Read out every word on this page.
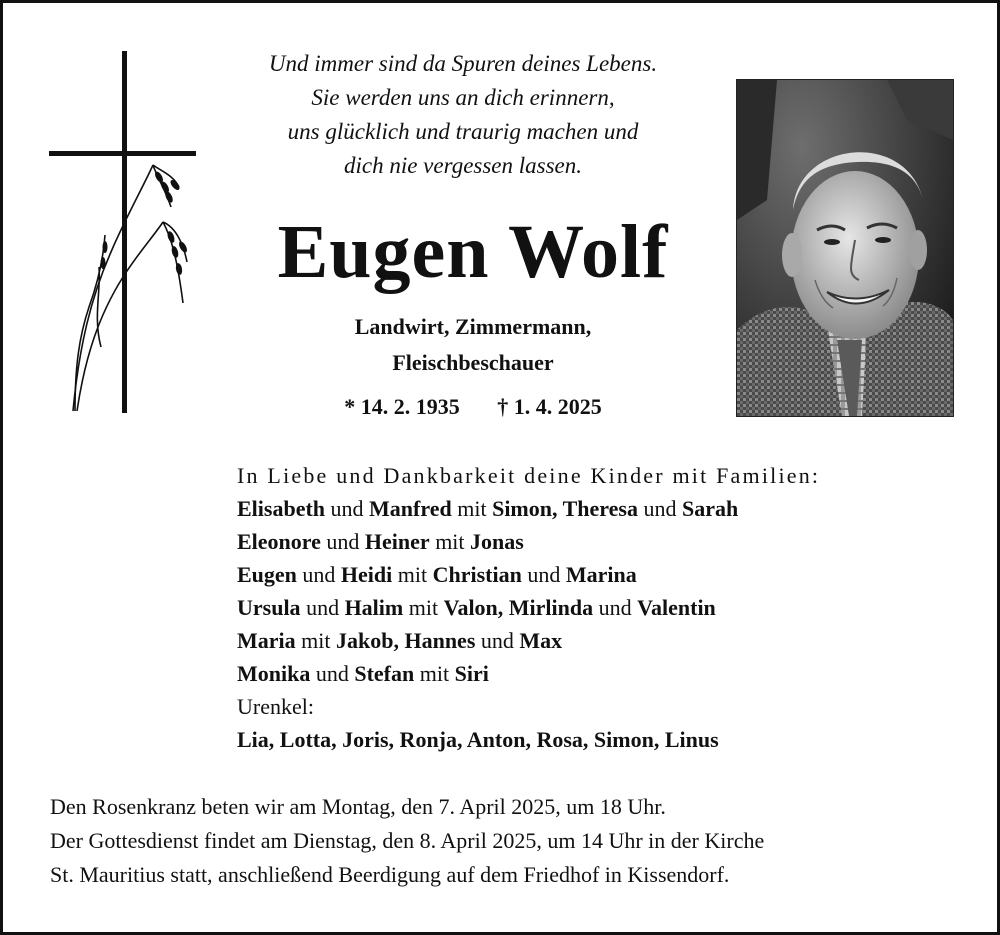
Und immer sind da Spuren deines Lebens.
Sie werden uns an dich erinnern,
uns glücklich und traurig machen und
dich nie vergessen lassen.
Eugen Wolf
Landwirt, Zimmermann,
Fleischbeschauer
* 14. 2. 1935 † 1. 4. 2025
In Liebe und Dankbarkeit deine Kinder mit Familien:
Elisabeth und Manfred mit Simon, Theresa und Sarah
Eleonore und Heiner mit Jonas
Eugen und Heidi mit Christian und Marina
Ursula und Halim mit Valon, Mirlinda und Valentin
Maria mit Jakob, Hannes und Max
Monika und Stefan mit Siri
Urenkel:
Lia, Lotta, Joris, Ronja, Anton, Rosa, Simon, Linus
Den Rosenkranz beten wir am Montag, den 7. April 2025, um 18 Uhr.
Der Gottesdienst findet am Dienstag, den 8. April 2025, um 14 Uhr in der Kirche
St. Mauritius statt, anschließend Beerdigung auf dem Friedhof in Kissendorf.
